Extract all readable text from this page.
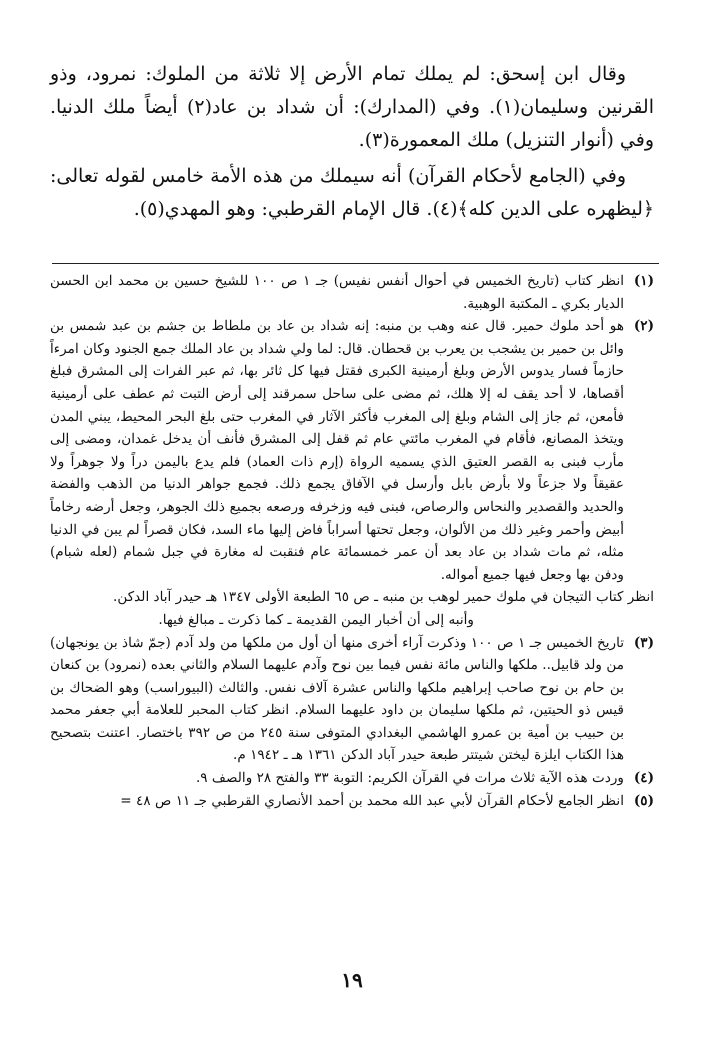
وقال ابن إسحق: لم يملك تمام الأرض إلا ثلاثة من الملوك: نمرود، وذو القرنين وسليمان(١). وفي (المدارك): أن شداد بن عاد(٢) أيضاً ملك الدنيا. وفي (أنوار التنزيل) ملك المعمورة(٣).

وفي (الجامع لأحكام القرآن) أنه سيملك من هذه الأمة خامس لقوله تعالى: ﴿ليظهره على الدين كله﴾(٤). قال الإمام القرطبي: وهو المهدي(٥).

(١)انظر كتاب (تاريخ الخميس في أحوال أنفس نفيس) جـ ١ ص ١٠٠ للشيخ حسين بن محمد ابن الحسن الديار بكري ـ المكتبة الوهبية.

(٢)هو أحد ملوك حمير. قال عنه وهب بن منبه: إنه شداد بن عاد بن ملطاط بن جشم بن عبد شمس بن وائل بن حمير بن يشجب بن يعرب بن قحطان. قال: لما ولي شداد بن عاد الملك جمع الجنود وكان امرءاً حازماً فسار يدوس الأرض وبلغ أرمينية الكبرى فقتل فيها كل ثائر بها، ثم عبر الفرات إلى المشرق فبلغ أقصاها، لا أحد يقف له إلا هلك، ثم مضى على ساحل سمرقند إلى أرض التبت ثم عطف على أرمينية فأمعن، ثم جاز إلى الشام وبلغ إلى المغرب فأكثر الآثار في المغرب حتى بلغ البحر المحيط، يبني المدن ويتخذ المصانع، فأقام في المغرب مائتي عام ثم قفل إلى المشرق فأنف أن يدخل غمدان، ومضى إلى مأرب فبنى به القصر العتيق الذي يسميه الرواة (إرم ذات العماد) فلم يدع باليمن دراً ولا جوهراً ولا عقيقاً ولا جزعاً ولا بأرض بابل وأرسل في الآفاق يجمع ذلك. فجمع جواهر الدنيا من الذهب والفضة والحديد والقصدير والنحاس والرصاص، فبنى فيه وزخرفه ورصعه بجميع ذلك الجوهر، وجعل أرضه رخاماً أبيض وأحمر وغير ذلك من الألوان، وجعل تحتها أسراباً فاض إليها ماء السد، فكان قصراً لم يبن في الدنيا مثله، ثم مات شداد بن عاد بعد أن عمر خمسمائة عام فنقبت له مغارة في جبل شمام (لعله شبام) ودفن بها وجعل فيها جميع أمواله.

انظر كتاب التيجان في ملوك حمير لوهب بن منبه ـ ص ٦٥ الطبعة الأولى ١٣٤٧ هـ حيدر آباد الدكن.

وأنبه إلى أن أخبار اليمن القديمة ـ كما ذكرت ـ مبالغ فيها.

(٣)تاريخ الخميس جـ ١ ص ١٠٠ وذكرت آراء أخرى منها أن أول من ملكها من ولد آدم (جمّ شاذ بن يونجهان) من ولد قابيل.. ملكها والناس مائة نفس فيما بين نوح وآدم عليهما السلام والثاني بعده (نمرود) بن كنعان بن حام بن نوح صاحب إبراهيم ملكها والناس عشرة آلاف نفس. والثالث (البيوراسب) وهو الضحاك بن قيس ذو الحيتين، ثم ملكها سليمان بن داود عليهما السلام. انظر كتاب المحبر للعلامة أبي جعفر محمد بن حبيب بن أمية بن عمرو الهاشمي البغدادي المتوفى سنة ٢٤٥ من ص ٣٩٢ باختصار. اعتنت بتصحيح هذا الكتاب ايلزة ليختن شيتتر طبعة حيدر آباد الدكن ١٣٦١ هـ ـ ١٩٤٢ م.

(٤)وردت هذه الآية ثلاث مرات في القرآن الكريم: التوبة ٣٣ والفتح ٢٨ والصف ٩.

(٥)انظر الجامع لأحكام القرآن لأبي عبد الله محمد بن أحمد الأنصاري القرطبي جـ ١١ ص ٤٨ =

١٩
